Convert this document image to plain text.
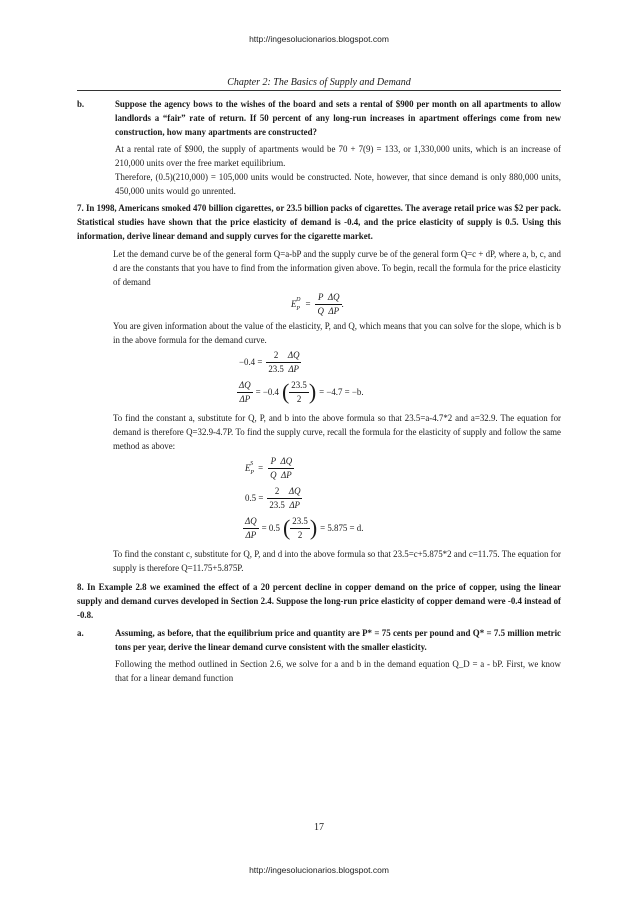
http://ingesolucionarios.blogspot.com
Chapter 2: The Basics of Supply and Demand
b.	Suppose the agency bows to the wishes of the board and sets a rental of $900 per month on all apartments to allow landlords a “fair” rate of return. If 50 percent of any long-run increases in apartment offerings come from new construction, how many apartments are constructed?

At a rental rate of $900, the supply of apartments would be 70 + 7(9) = 133, or 1,330,000 units, which is an increase of 210,000 units over the free market equilibrium.

Therefore, (0.5)(210,000) = 105,000 units would be constructed. Note, however, that since demand is only 880,000 units, 450,000 units would go unrented.

7. In 1998, Americans smoked 470 billion cigarettes, or 23.5 billion packs of cigarettes. The average retail price was $2 per pack. Statistical studies have shown that the price elasticity of demand is -0.4, and the price elasticity of supply is 0.5. Using this information, derive linear demand and supply curves for the cigarette market.

Let the demand curve be of the general form Q=a-bP and the supply curve be of the general form Q=c + dP, where a, b, c, and d are the constants that you have to find from the information given above. To begin, recall the formula for the price elasticity of demand

$E_P^D = \frac{P}{Q} \frac{\Delta Q}{\Delta P}$ .

You are given information about the value of the elasticity, P, and Q, which means that you can solve for the slope, which is b in the above formula for the demand curve.

$-0.4 = \frac{2}{23.5} \frac{\Delta Q}{\Delta P}$
$\frac{\Delta Q}{\Delta P} = -0.4$ ( $\frac{23.5}{2}$ ) = −4.7 = −b.

To find the constant a, substitute for Q, P, and b into the above formula so that 23.5=a-4.7*2 and a=32.9. The equation for demand is therefore Q=32.9-4.7P. To find the supply curve, recall the formula for the elasticity of supply and follow the same method as above:

$E_P^S = \frac{P}{Q} \frac{\Delta Q}{\Delta P}$
$0.5 = \frac{2}{23.5} \frac{\Delta Q}{\Delta P}$
$\frac{\Delta Q}{\Delta P} = 0.5$ ( $\frac{23.5}{2}$ ) = 5.875 = d.

To find the constant c, substitute for Q, P, and d into the above formula so that 23.5=c+5.875*2 and c=11.75. The equation for supply is therefore Q=11.75+5.875P.

8. In Example 2.8 we examined the effect of a 20 percent decline in copper demand on the price of copper, using the linear supply and demand curves developed in Section 2.4. Suppose the long-run price elasticity of copper demand were -0.4 instead of -0.8.
a.	Assuming, as before, that the equilibrium price and quantity are P* = 75 cents per pound and Q* = 7.5 million metric tons per year, derive the linear demand curve consistent with the smaller elasticity.

Following the method outlined in Section 2.6, we solve for a and b in the demand equation Q_D = a - bP. First, we know that for a linear demand function

17
http://ingesolucionarios.blogspot.com
